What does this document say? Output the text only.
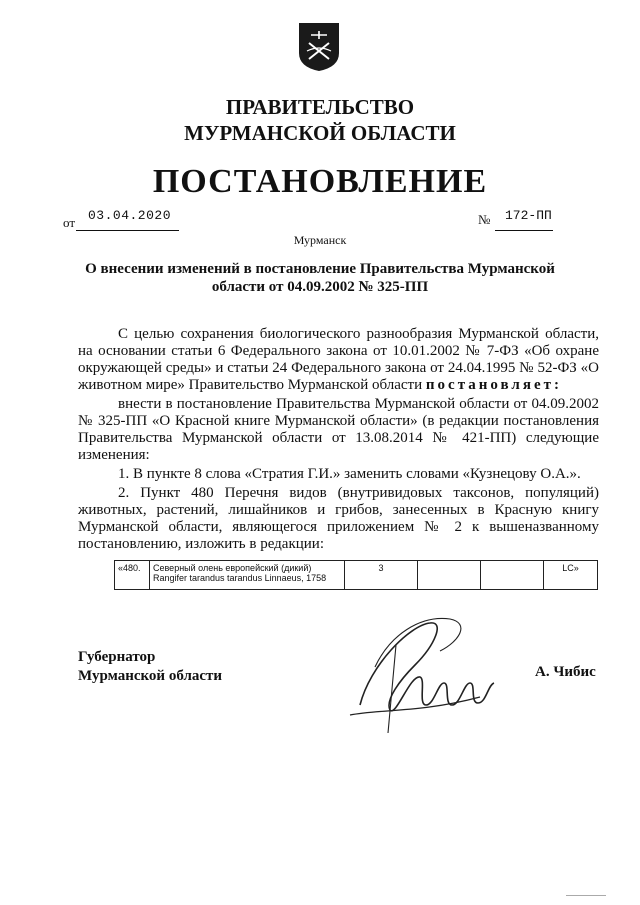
ПРАВИТЕЛЬСТВО
МУРМАНСКОЙ ОБЛАСТИ
ПОСТАНОВЛЕНИЕ
от 03.04.2020	№ 172-ПП
Мурманск
О внесении изменений в постановление Правительства Мурманской
области от 04.09.2002 № 325-ПП

С целью сохранения биологического разнообразия Мурманской области, на основании статьи 6 Федерального закона от 10.01.2002 № 7-ФЗ «Об охране окружающей среды» и статьи 24 Федерального закона от 24.04.1995 № 52-ФЗ «О животном мире» Правительство Мурманской области постановляет:

внести в постановление Правительства Мурманской области от 04.09.2002 № 325-ПП «О Красной книге Мурманской области» (в редакции постановления Правительства Мурманской области от 13.08.2014 № 421-ПП) следующие изменения:

1. В пункте 8 слова «Стратия Г.И.» заменить словами «Кузнецову О.А.».

2. Пункт 480 Перечня видов (внутривидовых таксонов, популяций) животных, растений, лишайников и грибов, занесенных в Красную книгу Мурманской области, являющегося приложением № 2 к вышеназванному постановлению, изложить в редакции:

«480.	Северный олень европейский (дикий) Rangifer tarandus tarandus Linnaeus, 1758	3			LC»
Губернатор
Мурманской области	А. Чибис
